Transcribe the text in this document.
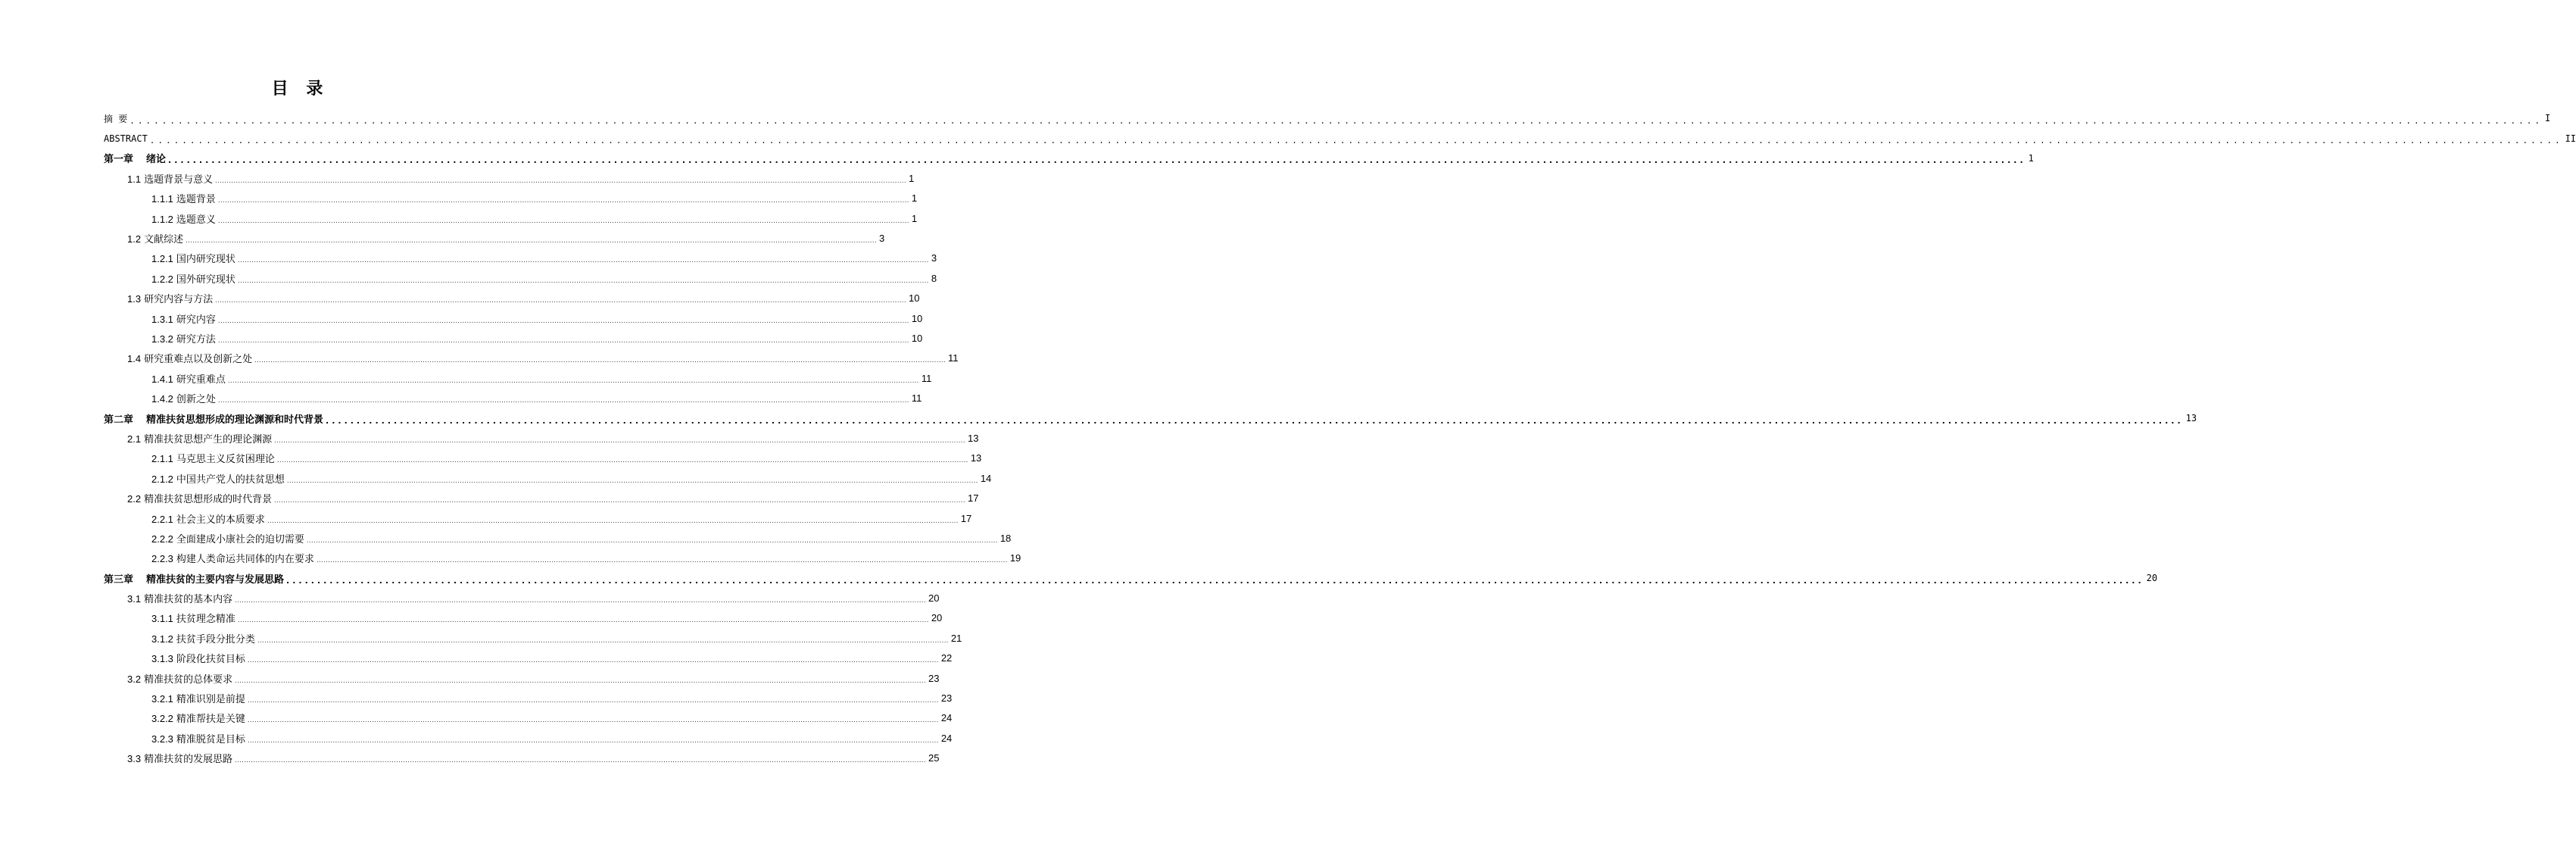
目 录
摘 要 ............................................................................................................................................................................................................................................................................................................ I
ABSTRACT ............................................................................................................................................................................................................................................................................................................ II
第一章 绪论 ............................................................................................................................................................................................................................................................................................................ 1
1.1 选题背景与意义 ............................................................................................................................................................................................................................................................................................................ 1
1.1.1 选题背景 ............................................................................................................................................................................................................................................................................................................ 1
1.1.2 选题意义 ............................................................................................................................................................................................................................................................................................................ 1
1.2 文献综述 ............................................................................................................................................................................................................................................................................................................ 3
1.2.1 国内研究现状 ............................................................................................................................................................................................................................................................................................................ 3
1.2.2 国外研究现状 ............................................................................................................................................................................................................................................................................................................ 8
1.3 研究内容与方法 ............................................................................................................................................................................................................................................................................................................ 10
1.3.1 研究内容 ............................................................................................................................................................................................................................................................................................................ 10
1.3.2 研究方法 ............................................................................................................................................................................................................................................................................................................ 10
1.4 研究重难点以及创新之处 ............................................................................................................................................................................................................................................................................................................ 11
1.4.1 研究重难点 ............................................................................................................................................................................................................................................................................................................ 11
1.4.2 创新之处 ............................................................................................................................................................................................................................................................................................................ 11
第二章 精准扶贫思想形成的理论渊源和时代背景 ............................................................................................................................................................................................................................................................................................................ 13
2.1 精准扶贫思想产生的理论渊源 ............................................................................................................................................................................................................................................................................................................ 13
2.1.1 马克思主义反贫困理论 ............................................................................................................................................................................................................................................................................................................ 13
2.1.2 中国共产党人的扶贫思想 ............................................................................................................................................................................................................................................................................................................ 14
2.2 精准扶贫思想形成的时代背景 ............................................................................................................................................................................................................................................................................................................ 17
2.2.1 社会主义的本质要求 ............................................................................................................................................................................................................................................................................................................ 17
2.2.2 全面建成小康社会的迫切需要 ............................................................................................................................................................................................................................................................................................................ 18
2.2.3 构建人类命运共同体的内在要求 ............................................................................................................................................................................................................................................................................................................ 19
第三章 精准扶贫的主要内容与发展思路 ............................................................................................................................................................................................................................................................................................................ 20
3.1 精准扶贫的基本内容 ............................................................................................................................................................................................................................................................................................................ 20
3.1.1 扶贫理念精准 ............................................................................................................................................................................................................................................................................................................ 20
3.1.2 扶贫手段分批分类 ............................................................................................................................................................................................................................................................................................................ 21
3.1.3 阶段化扶贫目标 ............................................................................................................................................................................................................................................................................................................ 22
3.2 精准扶贫的总体要求 ............................................................................................................................................................................................................................................................................................................ 23
3.2.1 精准识别是前提 ............................................................................................................................................................................................................................................................................................................ 23
3.2.2 精准帮扶是关键 ............................................................................................................................................................................................................................................................................................................ 24
3.2.3 精准脱贫是目标 ............................................................................................................................................................................................................................................................................................................ 24
3.3 精准扶贫的发展思路 ............................................................................................................................................................................................................................................................................................................ 25
